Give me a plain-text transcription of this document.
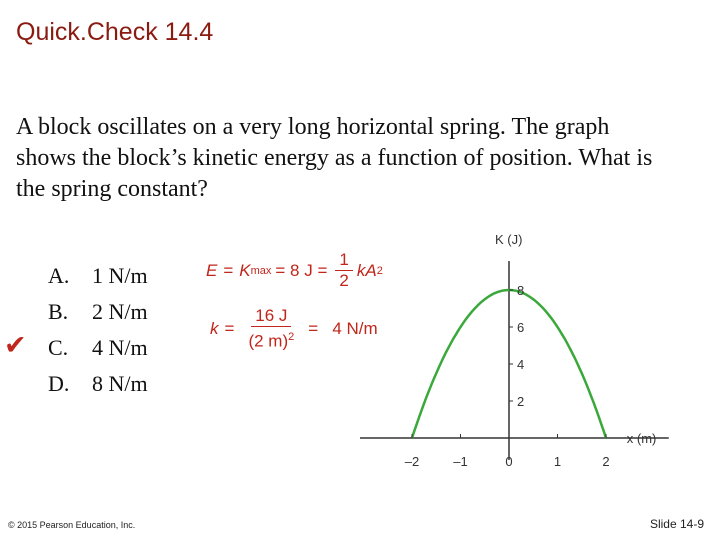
Quick.Check 14.4
A block oscillates on a very long horizontal spring. The graph shows the block’s kinetic energy as a function of position. What is the spring constant?
✔
A.	1 N/m
B.	2 N/m
C.	4 N/m
D.	8 N/m
E = K max = 8 $J = \frac{1}{2}$ kA 2
$k = \frac{16 J}{(2 m)^2} = 4$ N/m
K (J)
x (m)
–2	–1	0	1	2
2
4
6
8
© 2015 Pearson Education, Inc.	Slide 14-9
